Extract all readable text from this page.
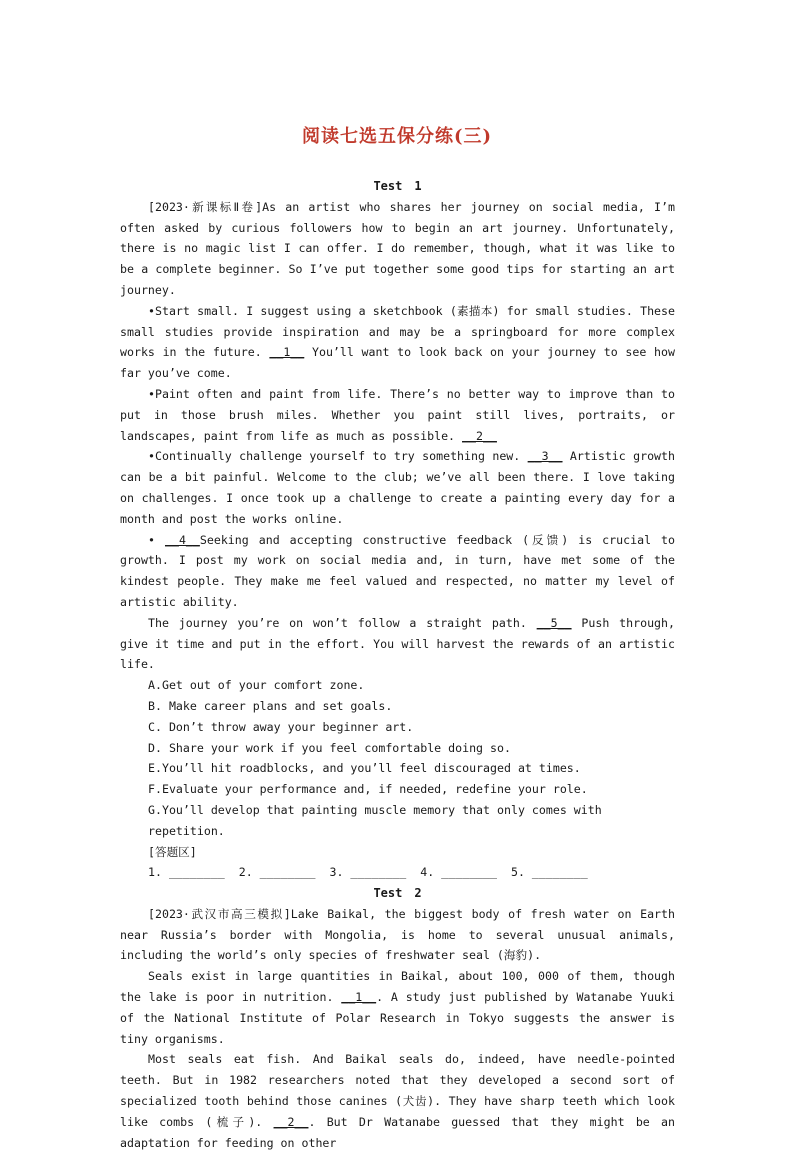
阅读七选五保分练(三)
Test　1

[2023·新课标Ⅱ卷]As an artist who shares her journey on social media, I’m often asked by curious followers how to begin an art journey. Unfortunately, there is no magic list I can offer. I do remember, though, what it was like to be a complete beginner. So I’ve put together some good tips for starting an art journey.

•Start small. I suggest using a sketchbook (素描本) for small studies. These small studies provide inspiration and may be a springboard for more complex works in the future. __1__ You’ll want to look back on your journey to see how far you’ve come.

•Paint often and paint from life. There’s no better way to improve than to put in those brush miles. Whether you paint still lives, portraits, or landscapes, paint from life as much as possible. __2__

•Continually challenge yourself to try something new. __3__ Artistic growth can be a bit painful. Welcome to the club; we’ve all been there. I love taking on challenges. I once took up a challenge to create a painting every day for a month and post the works online.

• __4__Seeking and accepting constructive feedback (反馈) is crucial to growth. I post my work on social media and, in turn, have met some of the kindest people. They make me feel valued and respected, no matter my level of artistic ability.

The journey you’re on won’t follow a straight path. __5__ Push through, give it time and put in the effort. You will harvest the rewards of an artistic life.

A.Get out of your comfort zone.
B. Make career plans and set goals.
C. Don’t throw away your beginner art.
D. Share your work if you feel comfortable doing so.
E.You’ll hit roadblocks, and you’ll feel discouraged at times.
F.Evaluate your performance and, if needed, redefine your role.
G.You’ll develop that painting muscle memory that only comes with repetition.
[答题区]
1. ________  2. ________  3. ________  4. ________  5. ________
Test　2

[2023·武汉市高三模拟]Lake Baikal, the biggest body of fresh water on Earth near Russia’s border with Mongolia, is home to several unusual animals, including the world’s only species of freshwater seal (海豹).

Seals exist in large quantities in Baikal, about 100, 000 of them, though the lake is poor in nutrition. __1__. A study just published by Watanabe Yuuki of the National Institute of Polar Research in Tokyo suggests the answer is tiny organisms.

Most seals eat fish. And Baikal seals do, indeed, have needle-pointed teeth. But in 1982 researchers noted that they developed a second sort of specialized tooth behind those canines (犬齿). They have sharp teeth which look like combs (梳子). __2__. But Dr Watanabe guessed that they might be an adaptation for feeding on other
